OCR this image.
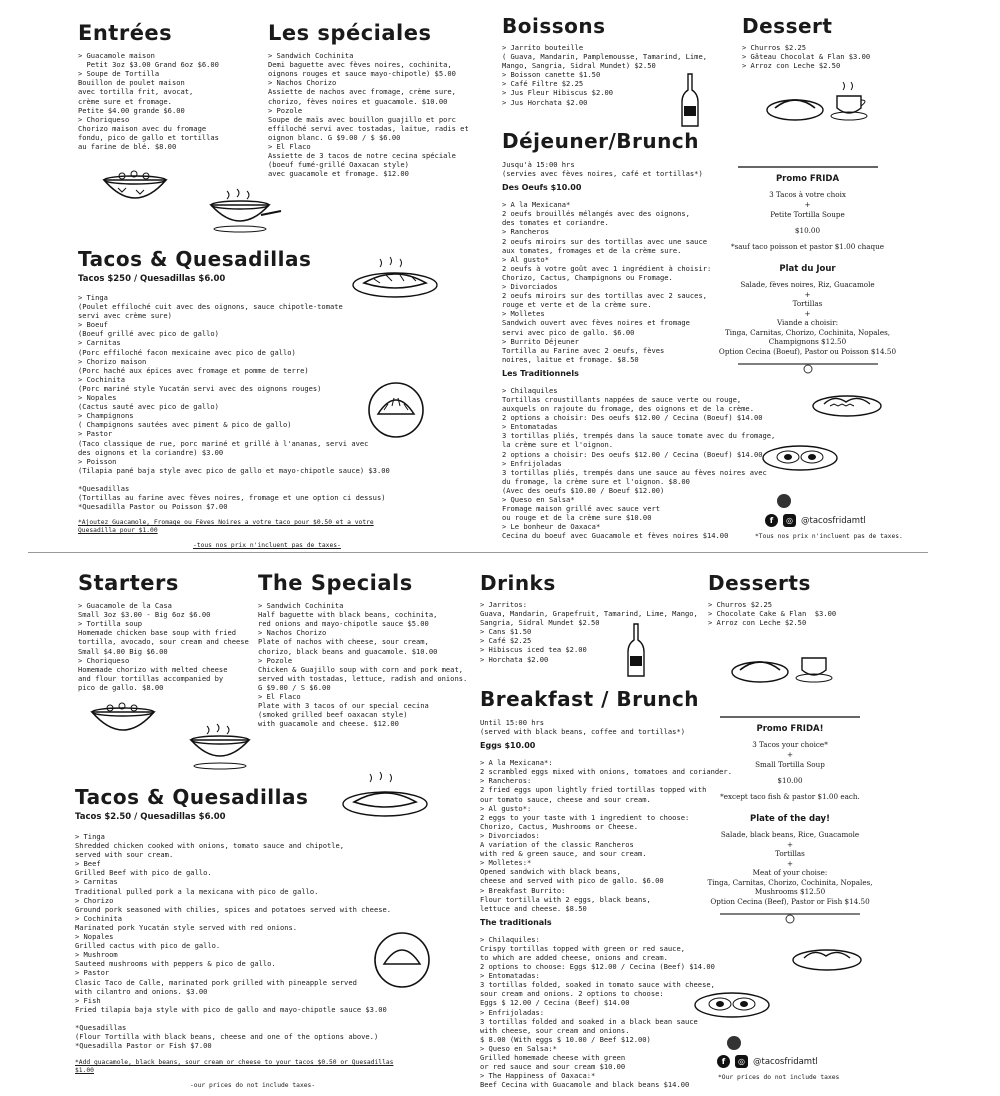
Entrées
> Guacamole maison
Petit 3oz $3.00 Grand 6oz $6.00
> Soupe de Tortilla
Bouillon de poulet maison
avec tortilla frit, avocat,
crème sure et fromage.
Petite $4.00 grande $6.00
> Choriqueso
Chorizo maison avec du fromage
fondu, pico de gallo et tortillas
au farine de blé. $8.00
Les spéciales
> Sandwich Cochinita
Demi baguette avec fèves noires, cochinita,
oignons rouges et sauce mayo-chipotle) $5.00
> Nachos Chorizo
Assiette de nachos avec fromage, crème sure,
chorizo, fèves noires et guacamole. $10.00
> Pozole
Soupe de maïs avec bouillon guajillo et porc
effiloché servi avec tostadas, laitue, radis et
oignon blanc. G $9.00 / $ $6.00
> El Flaco
Assiette de 3 tacos de notre cecina spéciale
(boeuf fumé-grillé Oaxacan style)
avec guacamole et fromage. $12.00
Tacos & Quesadillas
Tacos $250 / Quesadillas $6.00
> Tinga
(Poulet effiloché cuit avec des oignons, sauce chipotle-tomate
servi avec crème sure)
> Boeuf
(Boeuf grillé avec pico de gallo)
> Carnitas
(Porc effiloché facon mexicaine avec pico de gallo)
> Chorizo maison
(Porc haché aux épices avec fromage et pomme de terre)
> Cochinita
(Porc mariné style Yucatán servi avec des oignons rouges)
> Nopales
(Cactus sauté avec pico de gallo)
> Champignons
( Champignons sautées avec piment & pico de gallo)
> Pastor
(Taco classique de rue, porc mariné et grillé à l'ananas, servi avec
des oignons et la coriandre) $3.00
> Poisson
(Tilapia pané baja style avec pico de gallo et mayo-chipotle sauce) $3.00

*Quesadillas
(Tortillas au farine avec fèves noires, fromage et une option ci dessus)
*Quesadilla Pastor ou Poisson $7.00
*Ajoutez Guacamole, Fromage ou Fèves Noires a votre taco pour $0.50 et a votre Quesadilla pour $1.00
-tous nos prix n'incluent pas de taxes-
Boissons
> Jarrito bouteille
( Guava, Mandarin, Pamplemousse, Tamarind, Lime,
Mango, Sangria, Sidral Mundet) $2.50
> Boisson canette $1.50
> Café Filtre $2.25
> Jus Fleur Hibiscus $2.00
> Jus Horchata $2.00
Dessert
> Churros $2.25
> Gâteau Chocolat & Flan $3.00
> Arroz con Leche $2.50
Déjeuner/Brunch
Jusqu'à 15:00 hrs
(servies avec fèves noires, café et tortillas*)
Des Oeufs $10.00
> A la Mexicana*
2 oeufs brouillés mélangés avec des oignons,
des tomates et coriandre.
> Rancheros
2 oeufs miroirs sur des tortillas avec une sauce
aux tomates, fromages et de la crème sure.
> Al gusto*
2 oeufs à votre goût avec 1 ingrédient à choisir:
Chorizo, Cactus, Champignons ou Fromage.
> Divorciados
2 oeufs miroirs sur des tortillas avec 2 sauces,
rouge et verte et de la crème sure.
> Molletes
Sandwich ouvert avec fèves noires et fromage
servi avec pico de gallo. $6.00
> Burrito Déjeuner
Tortilla au Farine avec 2 oeufs, fèves
noires, laitue et fromage. $8.50
Les Traditionnels
> Chilaquiles
Tortillas croustillants nappées de sauce verte ou rouge,
auxquels on rajoute du fromage, des oignons et de la crème.
2 options a choisir: Des oeufs $12.00 / Cecina (Boeuf) $14.00
> Entomatadas
3 tortillas pliés, trempés dans la sauce tomate avec du fromage,
la crème sure et l'oignon.
2 options a choisir: Des oeufs $12.00 / Cecina (Boeuf) $14.00
> Enfrijoladas
3 tortillas pliés, trempés dans une sauce au fèves noires avec
du fromage, la crème sure et l'oignon. $8.00
(Avec des oeufs $10.00 / Boeuf $12.00)
> Queso en Salsa*
Fromage maison grillé avec sauce vert
ou rouge et de la crème sure $10.00
> Le bonheur de Oaxaca*
Cecina du boeuf avec Guacamole et fèves noires $14.00
Promo FRIDA
3 Tacos à votre choix
+
Petite Tortilla Soupe
$10.00
*sauf taco poisson et pastor $1.00 chaque
Plat du Jour
Salade, fèves noires, Riz, Guacamole
+
Tortillas
+
Viande a choisir:
Tinga, Carnitas, Chorizo, Cochinita, Nopales,
Champignons $12.50
Option Cecina (Boeuf), Pastor ou Poisson $14.50
f	◎ @tacosfridamtl
*Tous nos prix n'incluent pas de taxes.
Starters
> Guacamole de la Casa
Small 3oz $3.00 - Big 6oz $6.00
> Tortilla soup
Homemade chicken base soup with fried
tortilla, avocado, sour cream and cheese
Small $4.00 Big $6.00
> Choriqueso
Homemade chorizo with melted cheese
and flour tortillas accompanied by
pico de gallo. $8.00
The Specials
> Sandwich Cochinita
Half baguette with black beans, cochinita,
red onions and mayo-chipotle sauce $5.00
> Nachos Chorizo
Plate of nachos with cheese, sour cream,
chorizo, black beans and guacamole. $10.00
> Pozole
Chicken & Guajillo soup with corn and pork meat,
served with tostadas, lettuce, radish and onions.
G $9.00 / S $6.00
> El Flaco
Plate with 3 tacos of our special cecina
(smoked grilled beef oaxacan style)
with guacamole and cheese. $12.00
Tacos & Quesadillas
Tacos $2.50 / Quesadillas $6.00
> Tinga
Shredded chicken cooked with onions, tomato sauce and chipotle,
served with sour cream.
> Beef
Grilled Beef with pico de gallo.
> Carnitas
Traditional pulled pork a la mexicana with pico de gallo.
> Chorizo
Ground pork seasoned with chilies, spices and potatoes served with cheese.
> Cochinita
Marinated pork Yucatán style served with red onions.
> Nopales
Grilled cactus with pico de gallo.
> Mushroom
Sauteed mushrooms with peppers & pico de gallo.
> Pastor
Clasic Taco de Calle, marinated pork grilled with pineapple served
with cilantro and onions. $3.00
> Fish
Fried tilapia baja style with pico de gallo and mayo-chipotle sauce $3.00

*Quesadillas
(Flour Tortilla with black beans, cheese and one of the options above.)
*Quesadilla Pastor or Fish $7.00
*Add guacamole, black beans, sour cream or cheese to your tacos $0.50 or Quesadillas $1.00
-our prices do not include taxes-
Drinks
> Jarritos:
Guava, Mandarin, Grapefruit, Tamarind, Lime, Mango,
Sangria, Sidral Mundet $2.50
> Cans $1.50
> Café $2.25
> Hibiscus iced tea $2.00
> Horchata $2.00
Desserts
> Churros $2.25
> Chocolate Cake & Flan  $3.00
> Arroz con Leche $2.50
Breakfast / Brunch
Until 15:00 hrs
(served with black beans, coffee and tortillas*)
Eggs $10.00
> A la Mexicana*:
2 scrambled eggs mixed with onions, tomatoes and coriander.
> Rancheros:
2 fried eggs upon lightly fried tortillas topped with
our tomato sauce, cheese and sour cream.
> Al gusto*:
2 eggs to your taste with 1 ingredient to choose:
Chorizo, Cactus, Mushrooms or Cheese.
> Divorciados:
A variation of the classic Rancheros
with red & green sauce, and sour cream.
> Molletes:*
Opened sandwich with black beans,
cheese and served with pico de gallo. $6.00
> Breakfast Burrito:
Flour tortilla with 2 eggs, black beans,
lettuce and cheese. $8.50
The traditionals
> Chilaquiles:
Crispy tortillas topped with green or red sauce,
to which are added cheese, onions and cream.
2 options to choose: Eggs $12.00 / Cecina (Beef) $14.00
> Entomatadas:
3 tortillas folded, soaked in tomato sauce with cheese,
sour cream and onions. 2 options to choose:
Eggs $ 12.00 / Cecina (Beef) $14.00
> Enfrijoladas:
3 tortillas folded and soaked in a black bean sauce
with cheese, sour cream and onions.
$ 8.00 (With eggs $ 10.00 / Beef $12.00)
> Queso en Salsa:*
Grilled homemade cheese with green
or red sauce and sour cream $10.00
> The Happiness of Oaxaca:*
Beef Cecina with Guacamole and black beans $14.00
Promo FRIDA!
3 Tacos your choice*
+
Small Tortilla Soup
$10.00
*except taco fish & pastor $1.00 each.
Plate of the day!
Salade, black beans, Rice, Guacamole
+
Tortillas
+
Meat of your choise:
Tinga, Carnitas, Chorizo, Cochinita, Nopales,
Mushrooms $12.50
Option Cecina (Beef), Pastor or Fish $14.50
f	◎ @tacosfridamtl
*Our prices do not include taxes
